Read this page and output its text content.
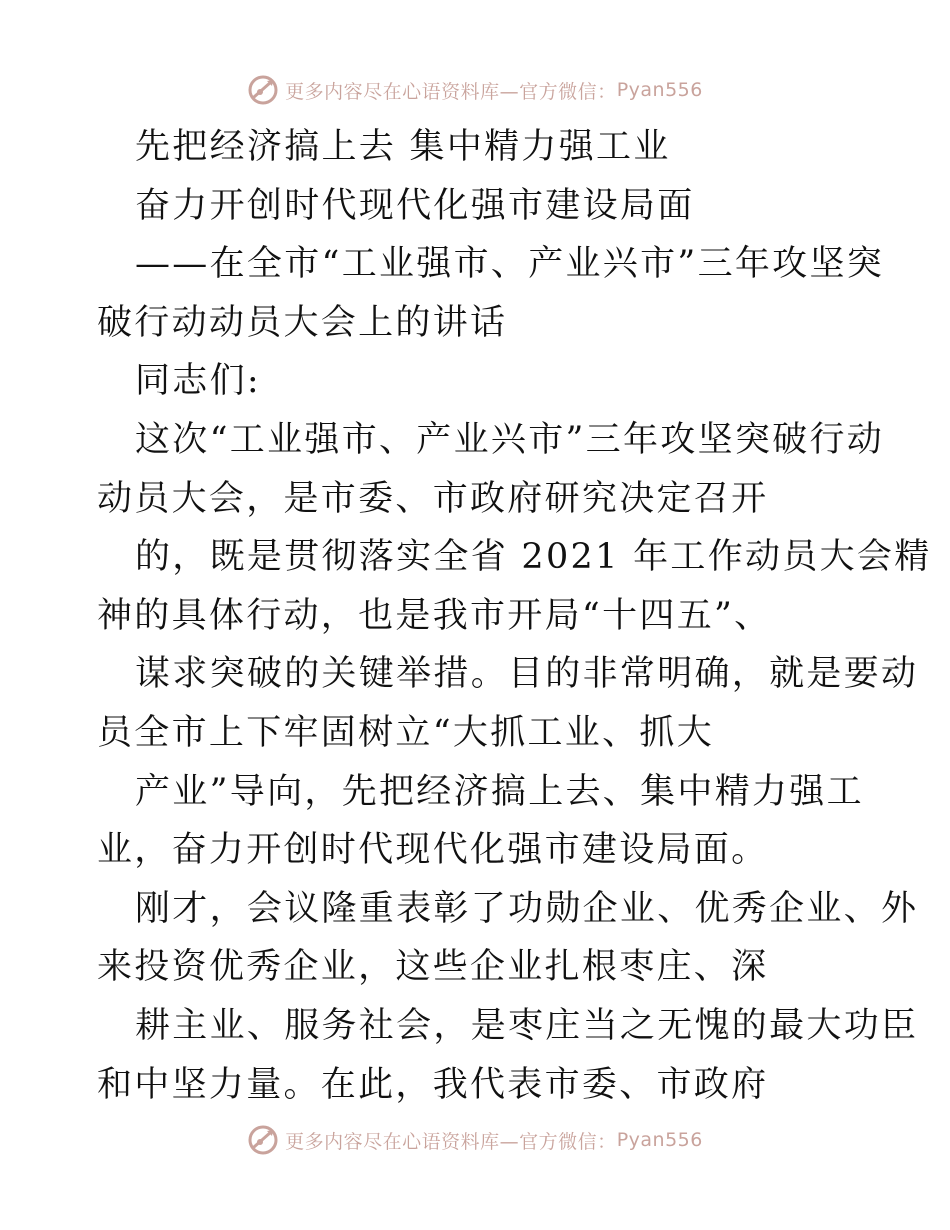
更多内容尽在心语资料库 —官方微信： Pyan556
先把经济搞上去 集中精力强工业
奋力开创时代现代化强市建设局面
——在全市“工业强市、产业兴市”三年攻坚突
破行动动员大会上的讲话
同志们:
这次“工业强市、产业兴市”三年攻坚突破行动
动员大会，是市委、市政府研究决定召开
的，既是贯彻落实全省 2021 年工作动员大会精
神的具体行动，也是我市开局“十四五”、
谋求突破的关键举措。目的非常明确，就是要动
员全市上下牢固树立“大抓工业、抓大
产业”导向，先把经济搞上去、集中精力强工
业，奋力开创时代现代化强市建设局面。
刚才，会议隆重表彰了功勋企业、优秀企业、外
来投资优秀企业，这些企业扎根枣庄、深
耕主业、服务社会，是枣庄当之无愧的最大功臣
和中坚力量。在此，我代表市委、市政府
更多内容尽在心语资料库 —官方微信： Pyan556
